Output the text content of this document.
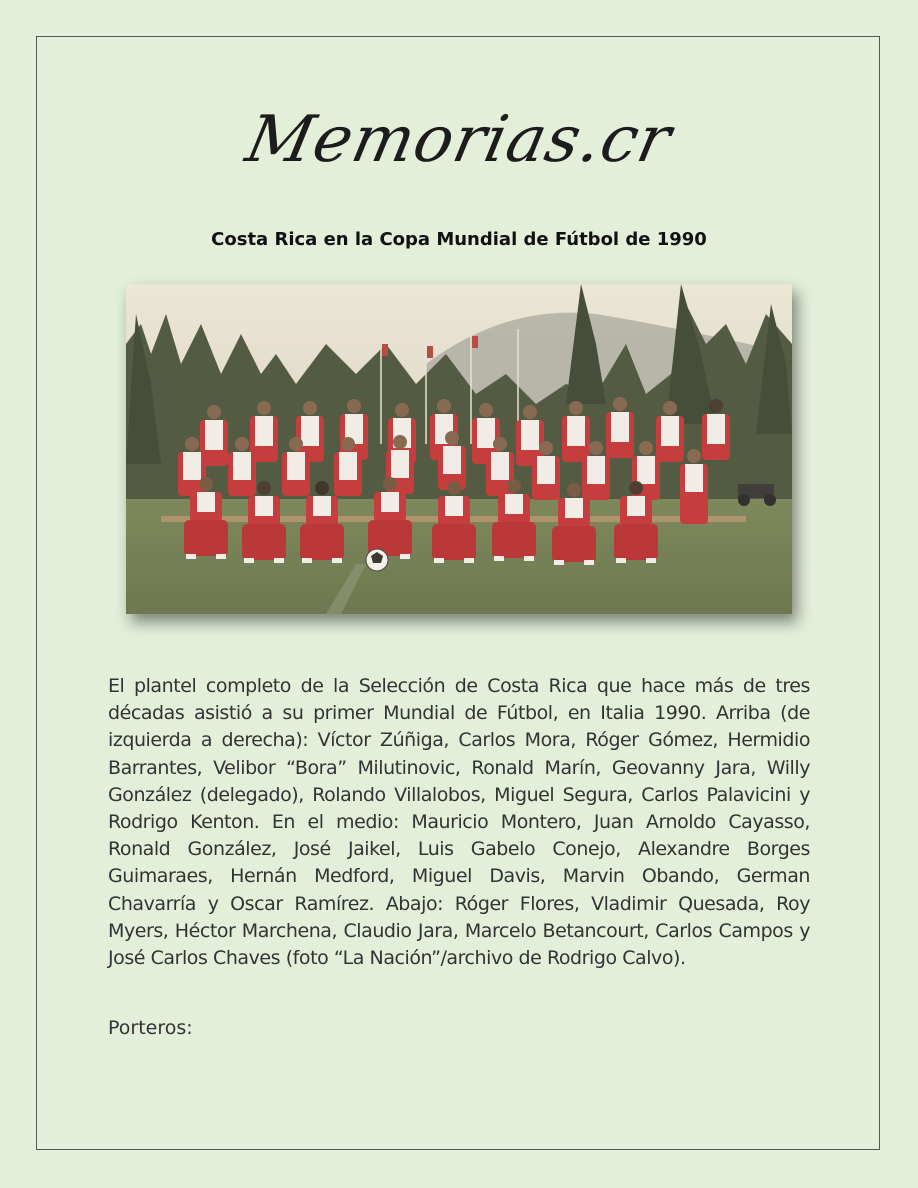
Memorias.cr
Costa Rica en la Copa Mundial de Fútbol de 1990

El plantel completo de la Selección de Costa Rica que hace más de tres décadas asistió a su primer Mundial de Fútbol, en Italia 1990. Arriba (de izquierda a derecha): Víctor Zúñiga, Carlos Mora, Róger Gómez, Hermidio Barrantes, Velibor “Bora” Milutinovic, Ronald Marín, Geovanny Jara, Willy González (delegado), Rolando Villalobos, Miguel Segura, Carlos Palavicini y Rodrigo Kenton. En el medio: Mauricio Montero, Juan Arnoldo Cayasso, Ronald González, José Jaikel, Luis Gabelo Conejo, Alexandre Borges Guimaraes, Hernán Medford, Miguel Davis, Marvin Obando, German Chavarría y Oscar Ramírez. Abajo: Róger Flores, Vladimir Quesada, Roy Myers, Héctor Marchena, Claudio Jara, Marcelo Betancourt, Carlos Campos y José Carlos Chaves (foto “La Nación”/archivo de Rodrigo Calvo).

Porteros:
